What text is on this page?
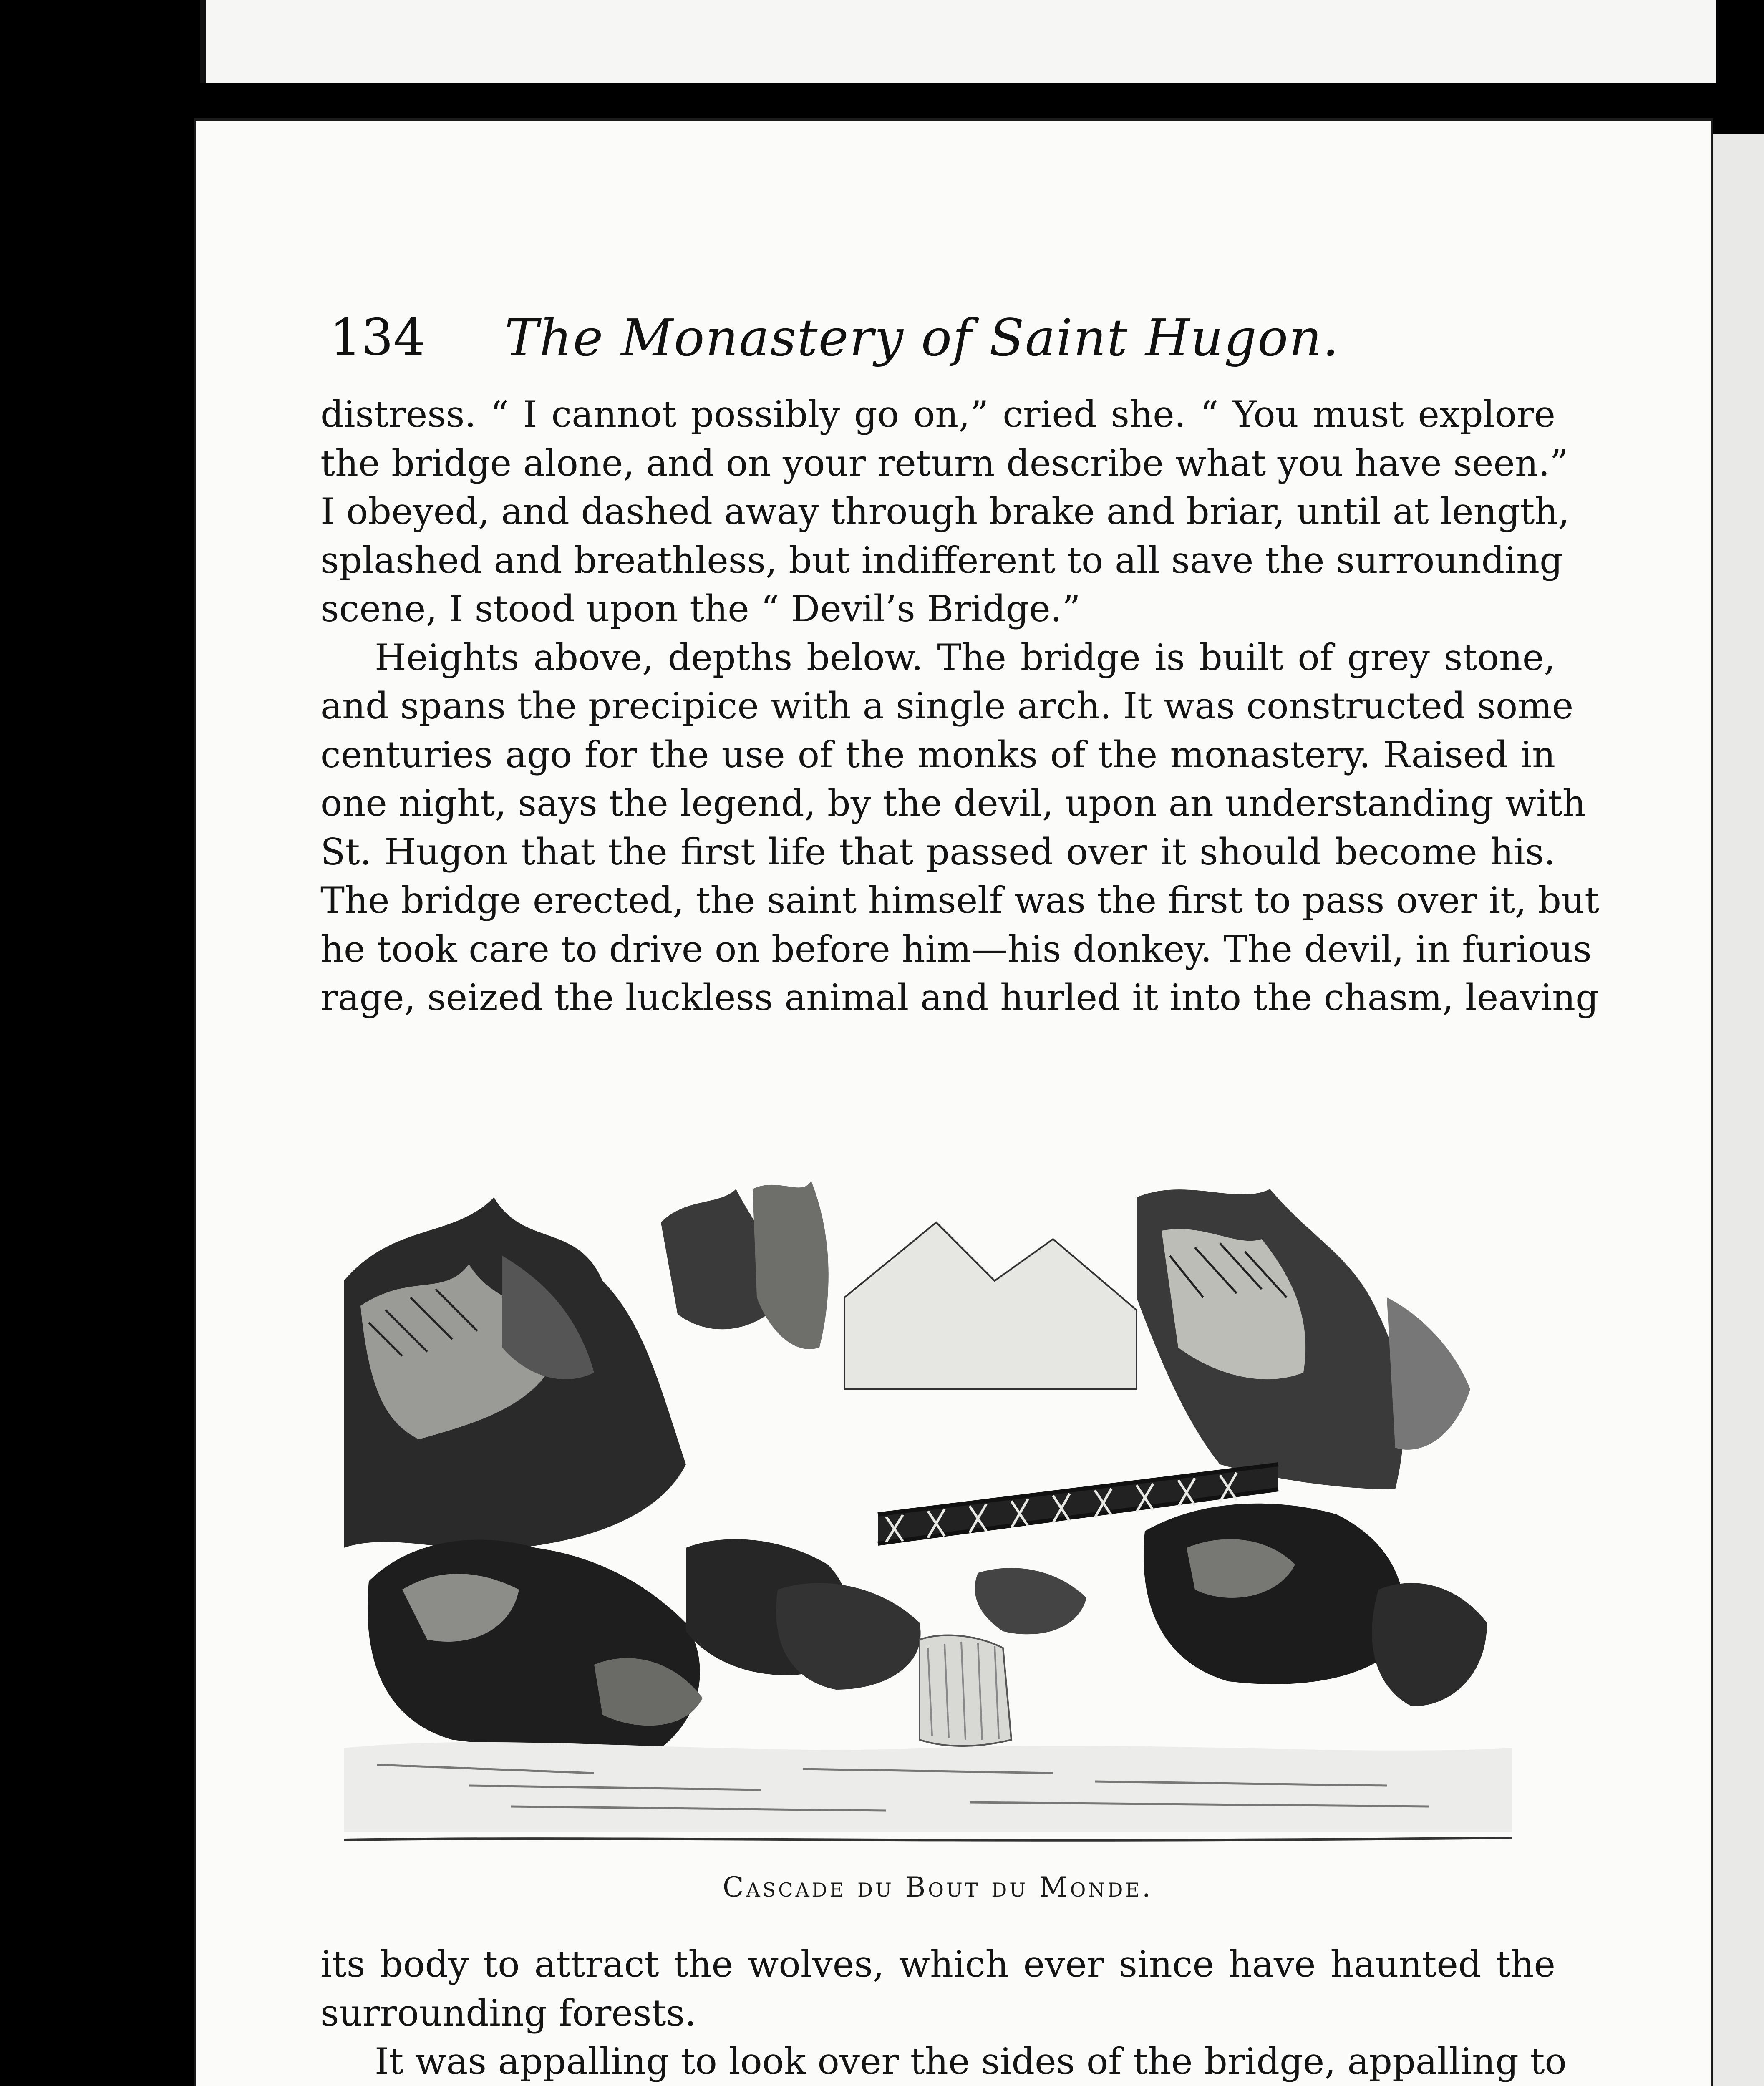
134	The Monastery of Saint Hugon.
distress. “ I cannot possibly go on,” cried she. “ You must explore
the bridge alone, and on your return describe what you have seen.”
I obeyed, and dashed away through brake and briar, until at length,
splashed and breathless, but indifferent to all save the surrounding
scene, I stood upon the “ Devil’s Bridge.”
Heights above, depths below. The bridge is built of grey stone,
and spans the precipice with a single arch. It was constructed some
centuries ago for the use of the monks of the monastery. Raised in
one night, says the legend, by the devil, upon an understanding with
St. Hugon that the first life that passed over it should become his.
The bridge erected, the saint himself was the first to pass over it, but
he took care to drive on before him—his donkey. The devil, in furious
rage, seized the luckless animal and hurled it into the chasm, leaving
Cascade du Bout du Monde.
its body to attract the wolves, which ever since have haunted the
surrounding forests.
It was appalling to look over the sides of the bridge, appalling to
